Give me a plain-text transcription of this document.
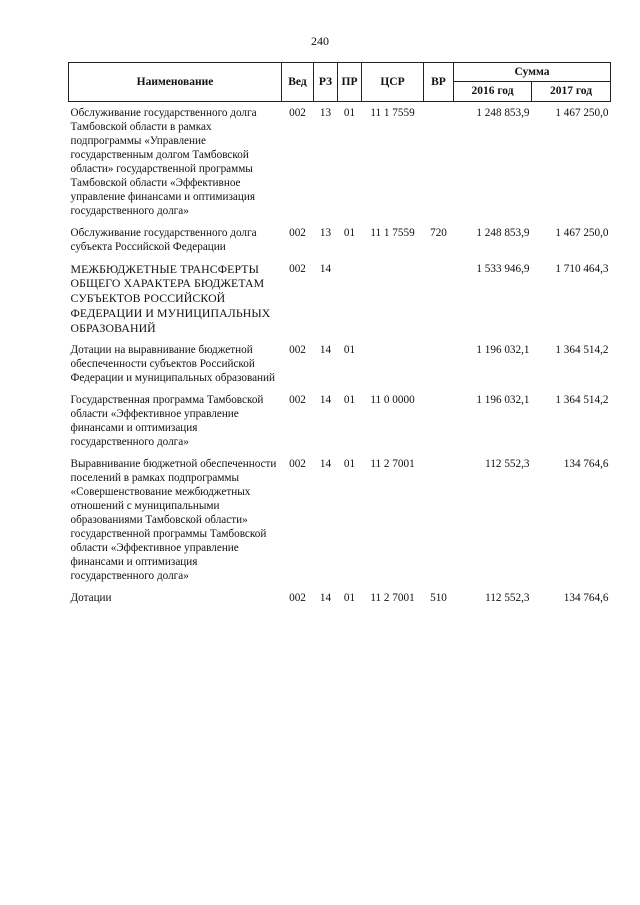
240
Наименование	Вед	РЗ	ПР	ЦСР	ВР	Сумма	
						2016 год	2017 год
Обслуживание государственного долга Тамбовской области в рамках подпрограммы «Управление государственным долгом Тамбовской области» государственной программы Тамбовской области «Эффективное управление финансами и оптимизация государственного долга»	002	13	01	11 1 7559		1 248 853,9	1 467 250,0
Обслуживание государственного долга субъекта Российской Федерации	002	13	01	11 1 7559	720	1 248 853,9	1 467 250,0
МЕЖБЮДЖЕТНЫЕ ТРАНСФЕРТЫ ОБЩЕГО ХАРАКТЕРА БЮДЖЕТАМ СУБЪЕКТОВ РОССИЙСКОЙ ФЕДЕРАЦИИ И МУНИЦИПАЛЬНЫХ ОБРАЗОВАНИЙ	002	14				1 533 946,9	1 710 464,3
Дотации на выравнивание бюджетной обеспеченности субъектов Российской Федерации и муниципальных образований	002	14	01			1 196 032,1	1 364 514,2
Государственная программа Тамбовской области «Эффективное управление финансами и оптимизация государственного долга»	002	14	01	11 0 0000		1 196 032,1	1 364 514,2
Выравнивание бюджетной обеспеченности поселений в рамках подпрограммы «Совершенствование межбюджетных отношений с муниципальными образованиями Тамбовской области» государственной программы Тамбовской области «Эффективное управление финансами и оптимизация государственного долга»	002	14	01	11 2 7001		112 552,3	134 764,6
Дотации	002	14	01	11 2 7001	510	112 552,3	134 764,6
